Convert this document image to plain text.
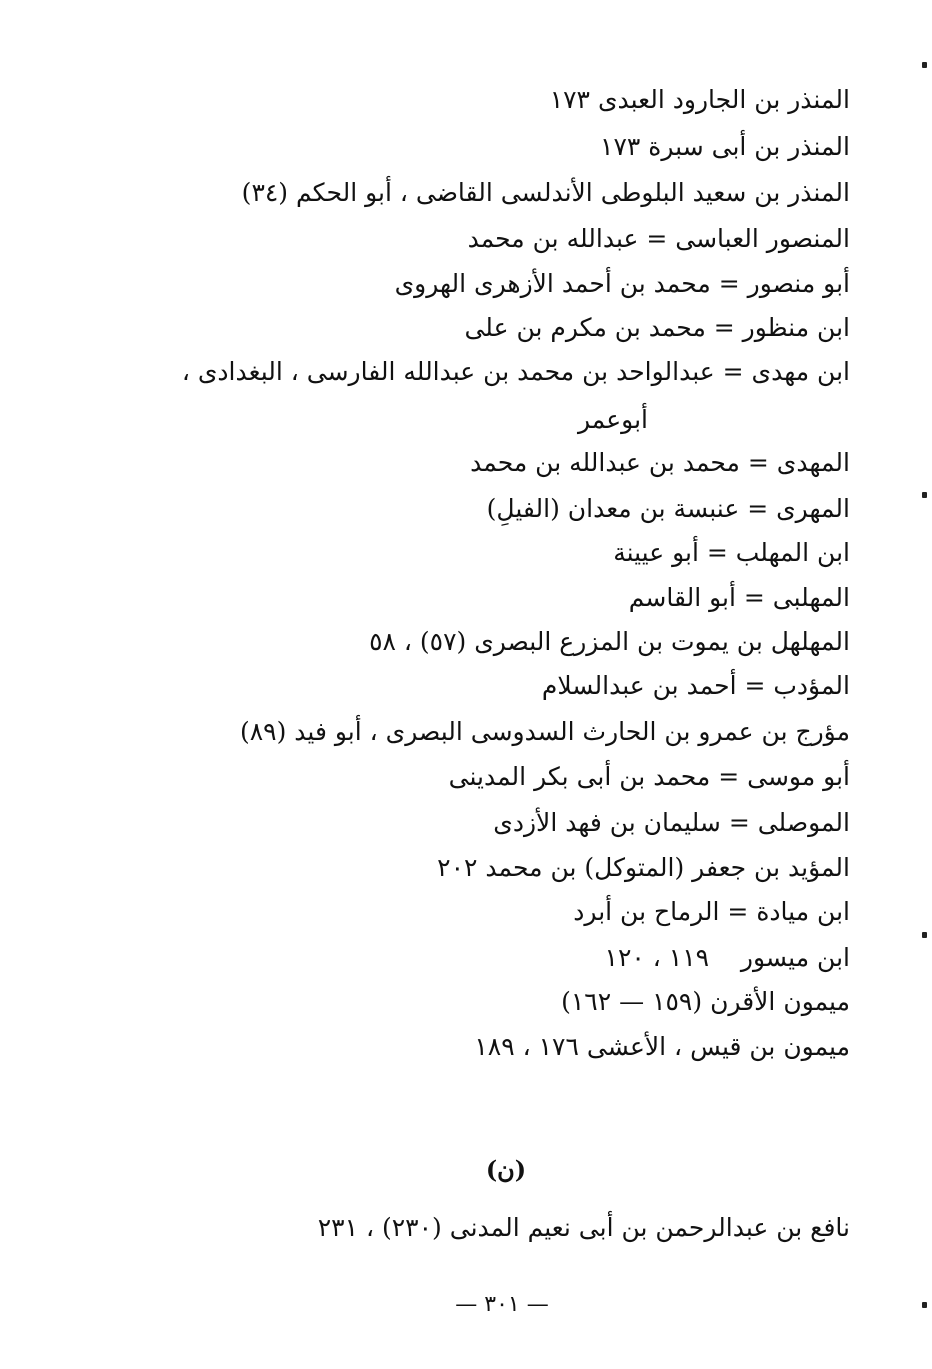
المنذر بن الجارود العبدى ١٧٣
المنذر بن أبى سبرة ١٧٣
المنذر بن سعيد البلوطى الأندلسى القاضى ، أبو الحكم (٣٤)
المنصور العباسى = عبدالله بن محمد
أبو منصور = محمد بن أحمد الأزهرى الهروى
ابن منظور = محمد بن مكرم بن على
ابن مهدى = عبدالواحد بن محمد بن عبدالله الفارسى ، البغدادى ،
أبوعمر
المهدى = محمد بن عبدالله بن محمد
المهرى = عنبسة بن معدان (الفيلِ)
ابن المهلب = أبو عيينة
المهلبى = أبو القاسم
المهلهل بن يموت بن المزرع البصرى (٥٧) ، ٥٨
المؤدب = أحمد بن عبدالسلام
مؤرج بن عمرو بن الحارث السدوسى البصرى ، أبو فيد (٨٩)
أبو موسى = محمد بن أبى بكر المدينى
الموصلى = سليمان بن فهد الأزدى
المؤيد بن جعفر (المتوكل) بن محمد ٢٠٢
ابن ميادة = الرماح بن أبرد
ابن ميسور    ١١٩ ، ١٢٠
ميمون الأقرن (١٥٩ — ١٦٢)
ميمون بن قيس ، الأعشى ١٧٦ ، ١٨٩
(ن)
نافع بن عبدالرحمن بن أبى نعيم المدنى (٢٣٠) ، ٢٣١
— ٣٠١ —
